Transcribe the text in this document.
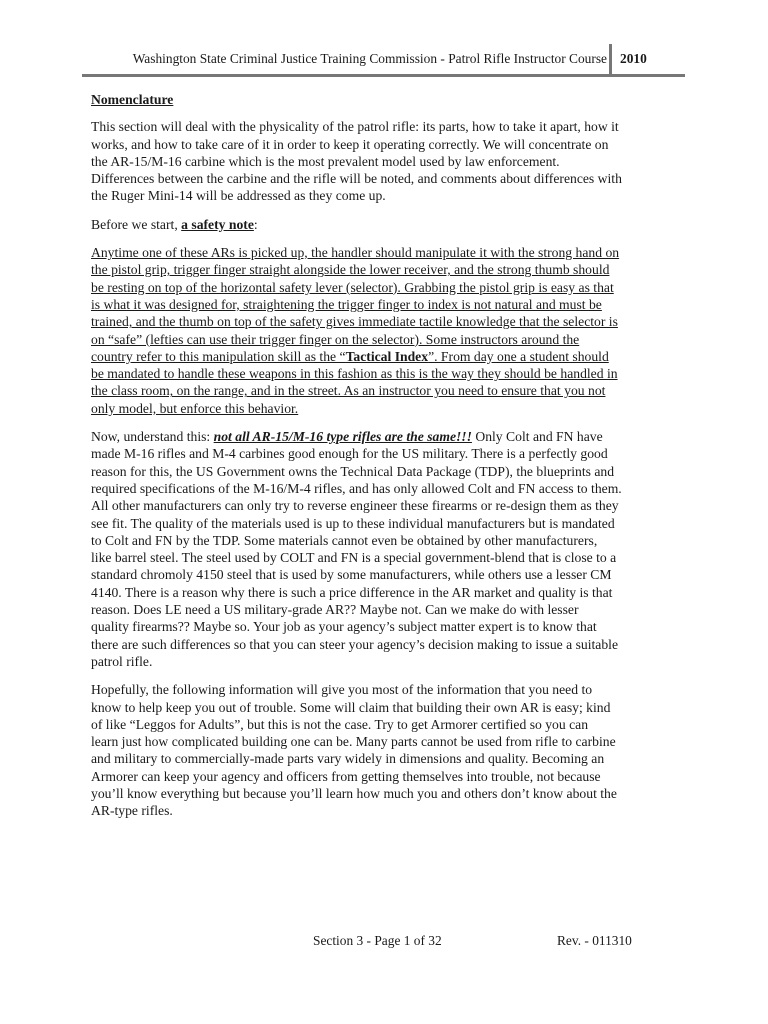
Washington State Criminal Justice Training Commission - Patrol Rifle Instructor Course 2010

Nomenclature

This section will deal with the physicality of the patrol rifle: its parts, how to take it apart, how it
works, and how to take care of it in order to keep it operating correctly. We will concentrate on
the AR-15/M-16 carbine which is the most prevalent model used by law enforcement.
Differences between the carbine and the rifle will be noted, and comments about differences with
the Ruger Mini-14 will be addressed as they come up.

Before we start, a safety note:

Anytime one of these ARs is picked up, the handler should manipulate it with the strong hand on
the pistol grip, trigger finger straight alongside the lower receiver, and the strong thumb should
be resting on top of the horizontal safety lever (selector). Grabbing the pistol grip is easy as that
is what it was designed for, straightening the trigger finger to index is not natural and must be
trained, and the thumb on top of the safety gives immediate tactile knowledge that the selector is
on “safe” (lefties can use their trigger finger on the selector). Some instructors around the
country refer to this manipulation skill as the “Tactical Index”. From day one a student should
be mandated to handle these weapons in this fashion as this is the way they should be handled in
the class room, on the range, and in the street. As an instructor you need to ensure that you not
only model, but enforce this behavior.

Now, understand this: not all AR-15/M-16 type rifles are the same!!! Only Colt and FN have
made M-16 rifles and M-4 carbines good enough for the US military. There is a perfectly good
reason for this, the US Government owns the Technical Data Package (TDP), the blueprints and
required specifications of the M-16/M-4 rifles, and has only allowed Colt and FN access to them.
All other manufacturers can only try to reverse engineer these firearms or re-design them as they
see fit. The quality of the materials used is up to these individual manufacturers but is mandated
to Colt and FN by the TDP. Some materials cannot even be obtained by other manufacturers,
like barrel steel. The steel used by COLT and FN is a special government-blend that is close to a
standard chromoly 4150 steel that is used by some manufacturers, while others use a lesser CM
4140. There is a reason why there is such a price difference in the AR market and quality is that
reason. Does LE need a US military-grade AR?? Maybe not. Can we make do with lesser
quality firearms?? Maybe so. Your job as your agency’s subject matter expert is to know that
there are such differences so that you can steer your agency’s decision making to issue a suitable
patrol rifle.

Hopefully, the following information will give you most of the information that you need to
know to help keep you out of trouble. Some will claim that building their own AR is easy; kind
of like “Leggos for Adults”, but this is not the case. Try to get Armorer certified so you can
learn just how complicated building one can be. Many parts cannot be used from rifle to carbine
and military to commercially-made parts vary widely in dimensions and quality. Becoming an
Armorer can keep your agency and officers from getting themselves into trouble, not because
you’ll know everything but because you’ll learn how much you and others don’t know about the
AR-type rifles.

Section 3 - Page 1 of 32	Rev. - 011310
